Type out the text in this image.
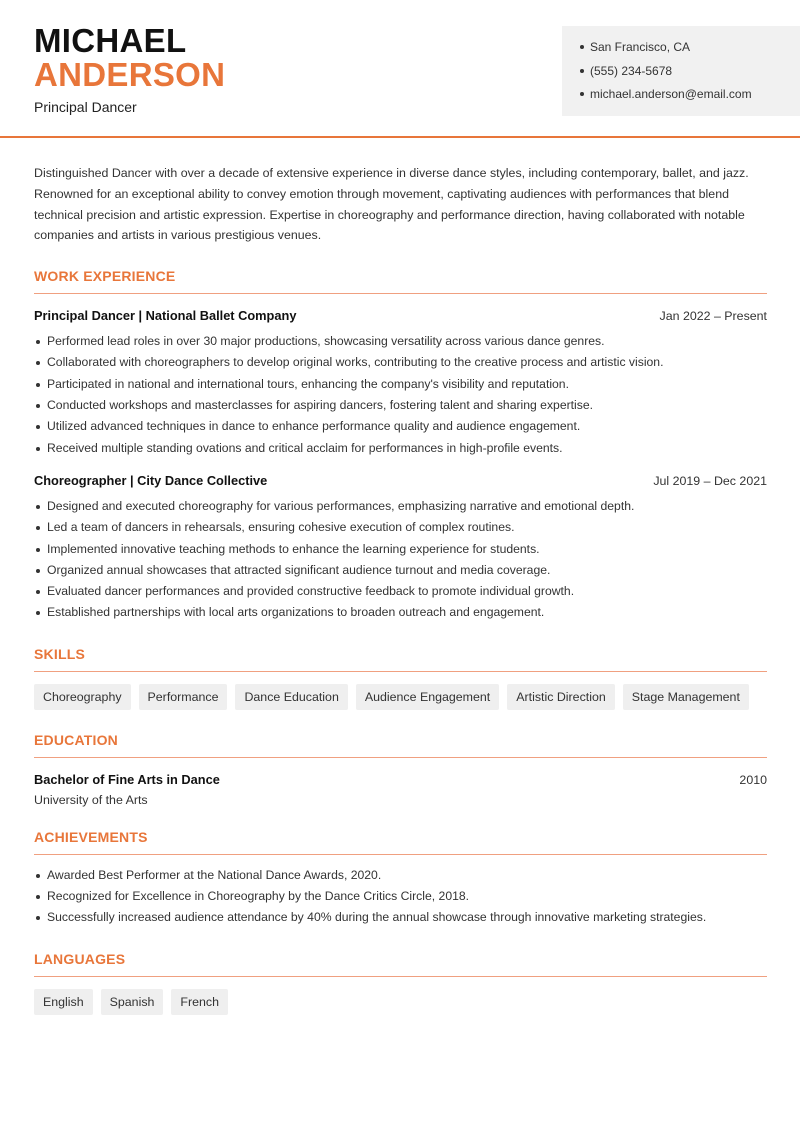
MICHAEL
ANDERSON
Principal Dancer
San Francisco, CA
(555) 234-5678
michael.anderson@email.com

Distinguished Dancer with over a decade of extensive experience in diverse dance styles, including contemporary, ballet, and jazz. Renowned for an exceptional ability to convey emotion through movement, captivating audiences with performances that blend technical precision and artistic expression. Expertise in choreography and performance direction, having collaborated with notable companies and artists in various prestigious venues.

WORK EXPERIENCE
Principal Dancer | National Ballet Company	Jan 2022 – Present
Performed lead roles in over 30 major productions, showcasing versatility across various dance genres.
Collaborated with choreographers to develop original works, contributing to the creative process and artistic vision.
Participated in national and international tours, enhancing the company's visibility and reputation.
Conducted workshops and masterclasses for aspiring dancers, fostering talent and sharing expertise.
Utilized advanced techniques in dance to enhance performance quality and audience engagement.
Received multiple standing ovations and critical acclaim for performances in high-profile events.
Choreographer | City Dance Collective	Jul 2019 – Dec 2021
Designed and executed choreography for various performances, emphasizing narrative and emotional depth.
Led a team of dancers in rehearsals, ensuring cohesive execution of complex routines.
Implemented innovative teaching methods to enhance the learning experience for students.
Organized annual showcases that attracted significant audience turnout and media coverage.
Evaluated dancer performances and provided constructive feedback to promote individual growth.
Established partnerships with local arts organizations to broaden outreach and engagement.
SKILLS
Choreography	Performance	Dance Education	Audience Engagement	Artistic Direction	Stage Management
EDUCATION
Bachelor of Fine Arts in Dance	2010
University of the Arts
ACHIEVEMENTS
Awarded Best Performer at the National Dance Awards, 2020.
Recognized for Excellence in Choreography by the Dance Critics Circle, 2018.
Successfully increased audience attendance by 40% during the annual showcase through innovative marketing strategies.
LANGUAGES
English	Spanish	French
